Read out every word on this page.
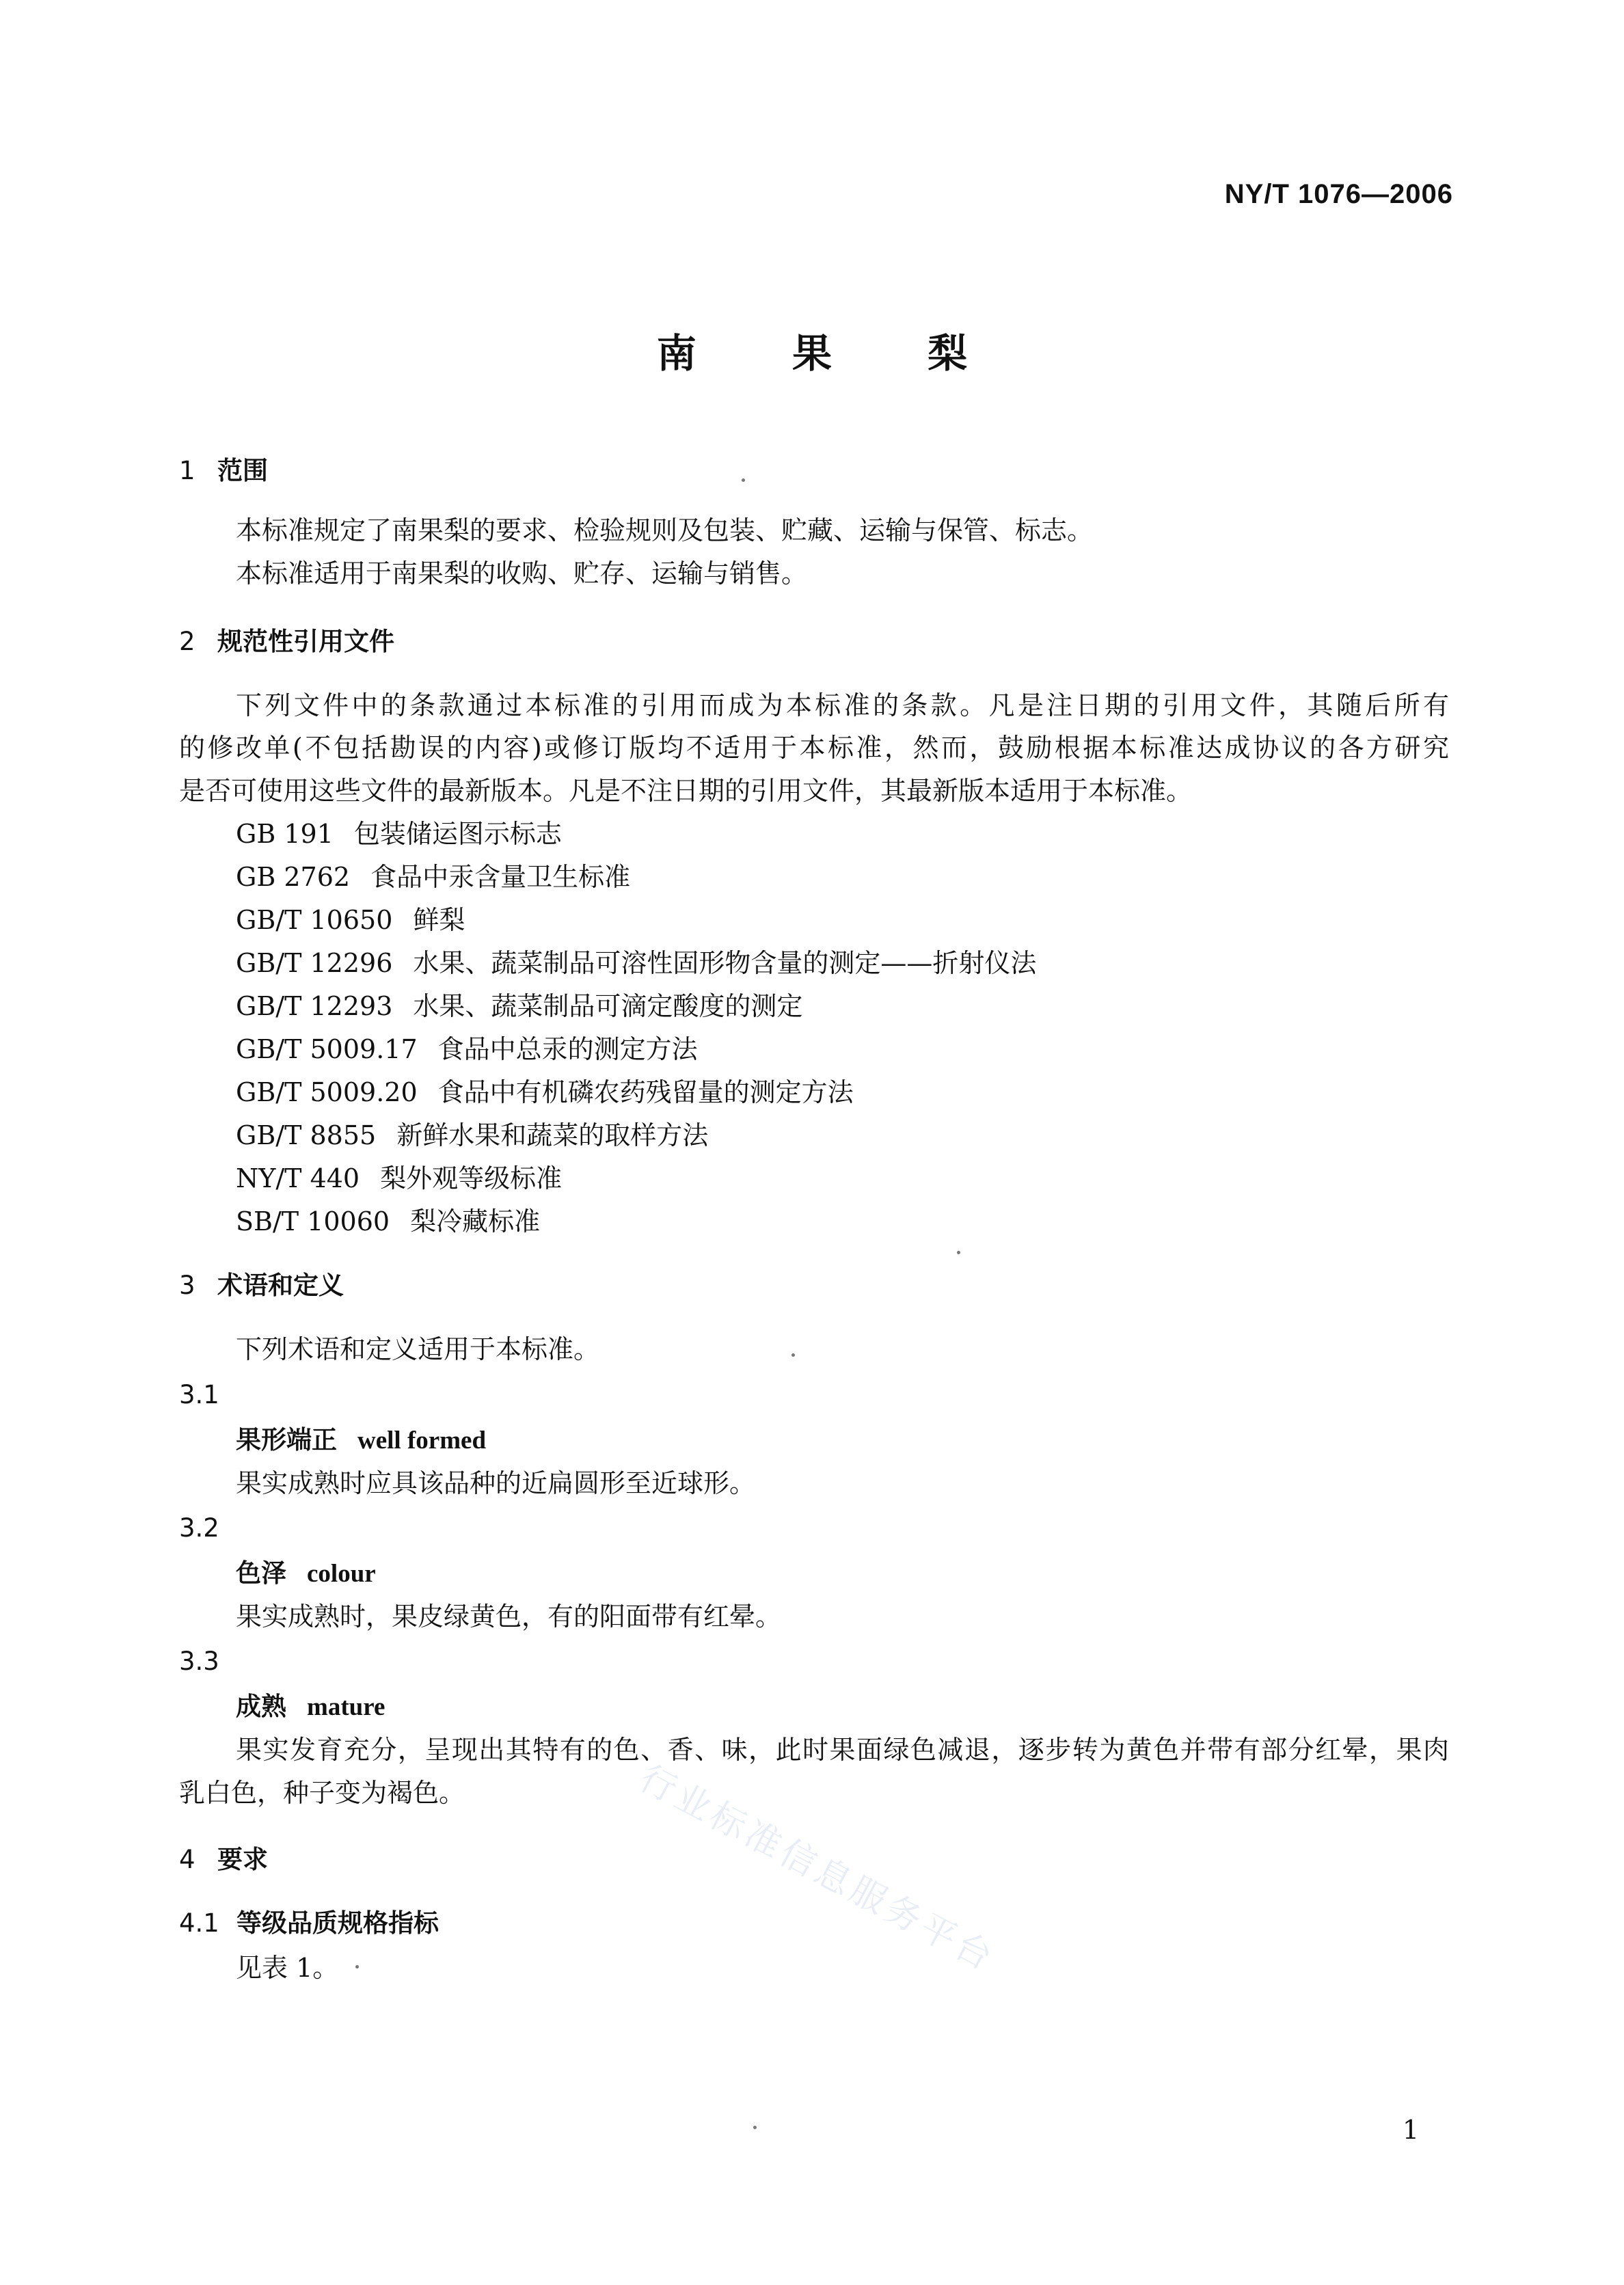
NY/T 1076—2006
南 果 梨
1 范围
本标准规定了南果梨的要求、检验规则及包装、贮藏、运输与保管、标志。
本标准适用于南果梨的收购、贮存、运输与销售。
2 规范性引用文件
下列文件中的条款通过本标准的引用而成为本标准的条款。凡是注日期的引用文件，其随后所有
的修改单(不包括勘误的内容)或修订版均不适用于本标准，然而，鼓励根据本标准达成协议的各方研究
是否可使用这些文件的最新版本。凡是不注日期的引用文件，其最新版本适用于本标准。
GB 191 包装储运图示标志
GB 2762 食品中汞含量卫生标准
GB/T 10650 鲜梨
GB/T 12296 水果、蔬菜制品可溶性固形物含量的测定——折射仪法
GB/T 12293 水果、蔬菜制品可滴定酸度的测定
GB/T 5009.17 食品中总汞的测定方法
GB/T 5009.20 食品中有机磷农药残留量的测定方法
GB/T 8855 新鲜水果和蔬菜的取样方法
NY/T 440 梨外观等级标准
SB/T 10060 梨冷藏标准
3 术语和定义
下列术语和定义适用于本标准。
3.1
果形端正 well formed
果实成熟时应具该品种的近扁圆形至近球形。
3.2
色泽 colour
果实成熟时，果皮绿黄色，有的阳面带有红晕。
3.3
成熟 mature
果实发育充分，呈现出其特有的色、香、味，此时果面绿色减退，逐步转为黄色并带有部分红晕，果肉
乳白色，种子变为褐色。
4 要求
4.1 等级品质规格指标
见表 1。	行业标准信息服务平台
1
